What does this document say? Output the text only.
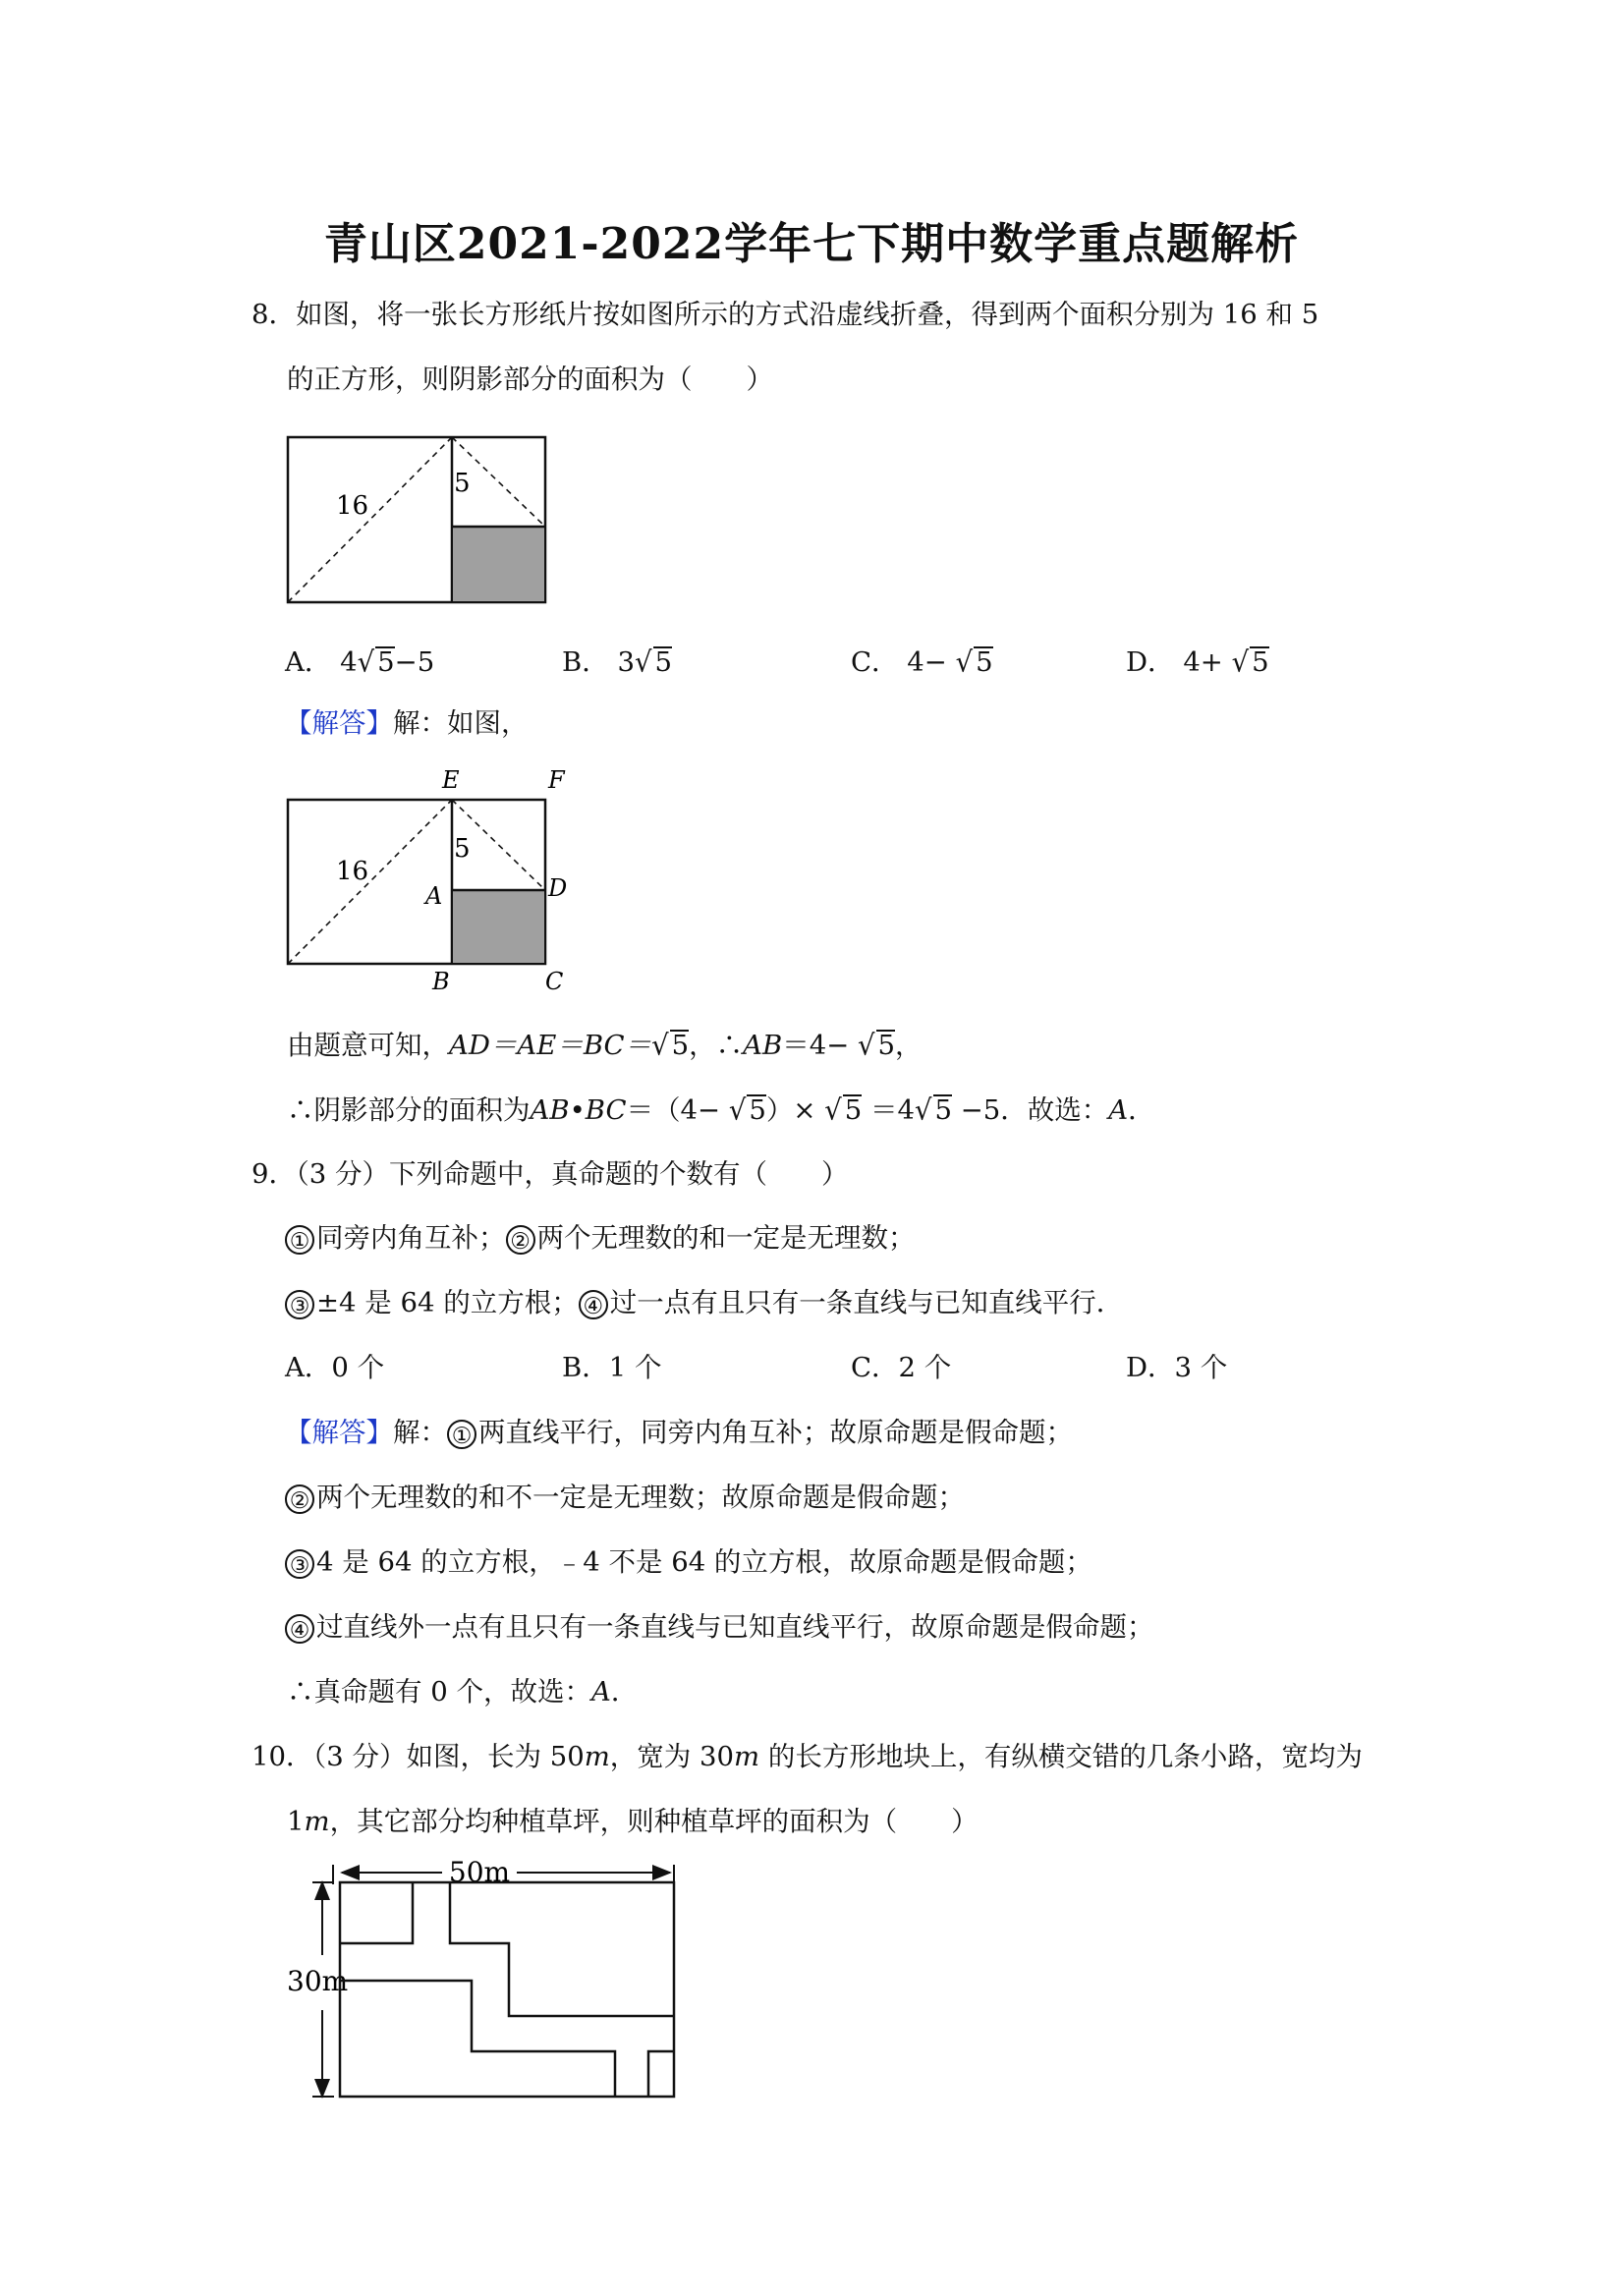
青山区2021-2022学年七下期中数学重点题解析
8．如图，将一张长方形纸片按如图所示的方式沿虚线折叠，得到两个面积分别为 16 和 5
的正方形，则阴影部分的面积为（　　）
16
5
A． 4√ 5−5	B． 3√ 5	C． 4− √ 5	D． 4+ √ 5
【解答】解：如图，
16
5
E	F
A	D
B	C
由题意可知，AD＝AE＝BC＝√ 5，∴AB＝4− √ 5，
∴阴影部分的面积为AB•BC＝（4− √ 5）× √ 5 ＝4√ 5 −5．故选：A．
9．（3 分）下列命题中，真命题的个数有（　　）
① 同旁内角互补； ② 两个无理数的和一定是无理数；
③ ±4 是 64 的立方根； ④ 过一点有且只有一条直线与已知直线平行．
A．0 个	B．1 个	C．2 个	D．3 个
【解答】解： ① 两直线平行，同旁内角互补；故原命题是假命题；
② 两个无理数的和不一定是无理数；故原命题是假命题；
③ 4 是 64 的立方根，﹣4 不是 64 的立方根，故原命题是假命题；
④ 过直线外一点有且只有一条直线与已知直线平行，故原命题是假命题；
∴真命题有 0 个，故选：A．
10．（3 分）如图，长为 50m，宽为 30m 的长方形地块上，有纵横交错的几条小路，宽均为
1m，其它部分均种植草坪，则种植草坪的面积为（　　）
50m
30m
